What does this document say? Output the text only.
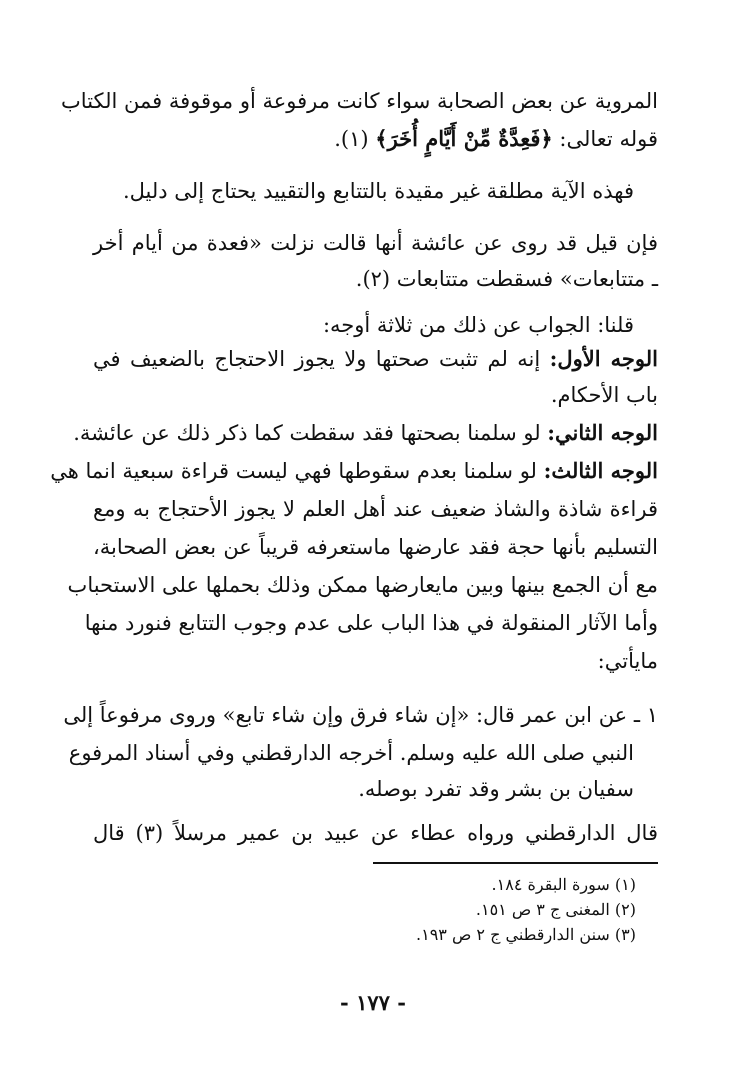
المروية عن بعض الصحابة سواء كانت مرفوعة أو موقوفة فمن الكتاب
قوله تعالى: ﴿فَعِدَّةٌ مِّنْ أَيَّامٍ أُخَرَ﴾ (١).
فهذه الآية مطلقة غير مقيدة بالتتابع والتقييد يحتاج إلى دليل.
فإن قيل قد روى عن عائشة أنها قالت نزلت «فعدة من أيام أخر
ـ متتابعات» فسقطت متتابعات (٢).
قلنا: الجواب عن ذلك من ثلاثة أوجه:
الوجه الأول: إنه لم تثبت صحتها ولا يجوز الاحتجاج بالضعيف في
باب الأحكام.
الوجه الثاني: لو سلمنا بصحتها فقد سقطت كما ذكر ذلك عن عائشة.
الوجه الثالث: لو سلمنا بعدم سقوطها فهي ليست قراءة سبعية انما هي
قراءة شاذة والشاذ ضعيف عند أهل العلم لا يجوز الأحتجاج به ومع
التسليم بأنها حجة فقد عارضها ماستعرفه قريباً عن بعض الصحابة،
مع أن الجمع بينها وبين مايعارضها ممكن وذلك بحملها على الاستحباب
وأما الآثار المنقولة في هذا الباب على عدم وجوب التتابع فنورد منها
مايأتي:
١ ـ عن ابن عمر قال: «إن شاء فرق وإن شاء تابع» وروى مرفوعاً إلى
النبي صلى الله عليه وسلم. أخرجه الدارقطني وفي أسناد المرفوع
سفيان بن بشر وقد تفرد بوصله.
قال الدارقطني ورواه عطاء عن عبيد بن عمير مرسلاً (٣) قال
(١) سورة البقرة ١٨٤.
(٢) المغنى ج ٣ ص ١٥١.
(٣) سنن الدارقطني ج ٢ ص ١٩٣.
- ١٧٧ -
